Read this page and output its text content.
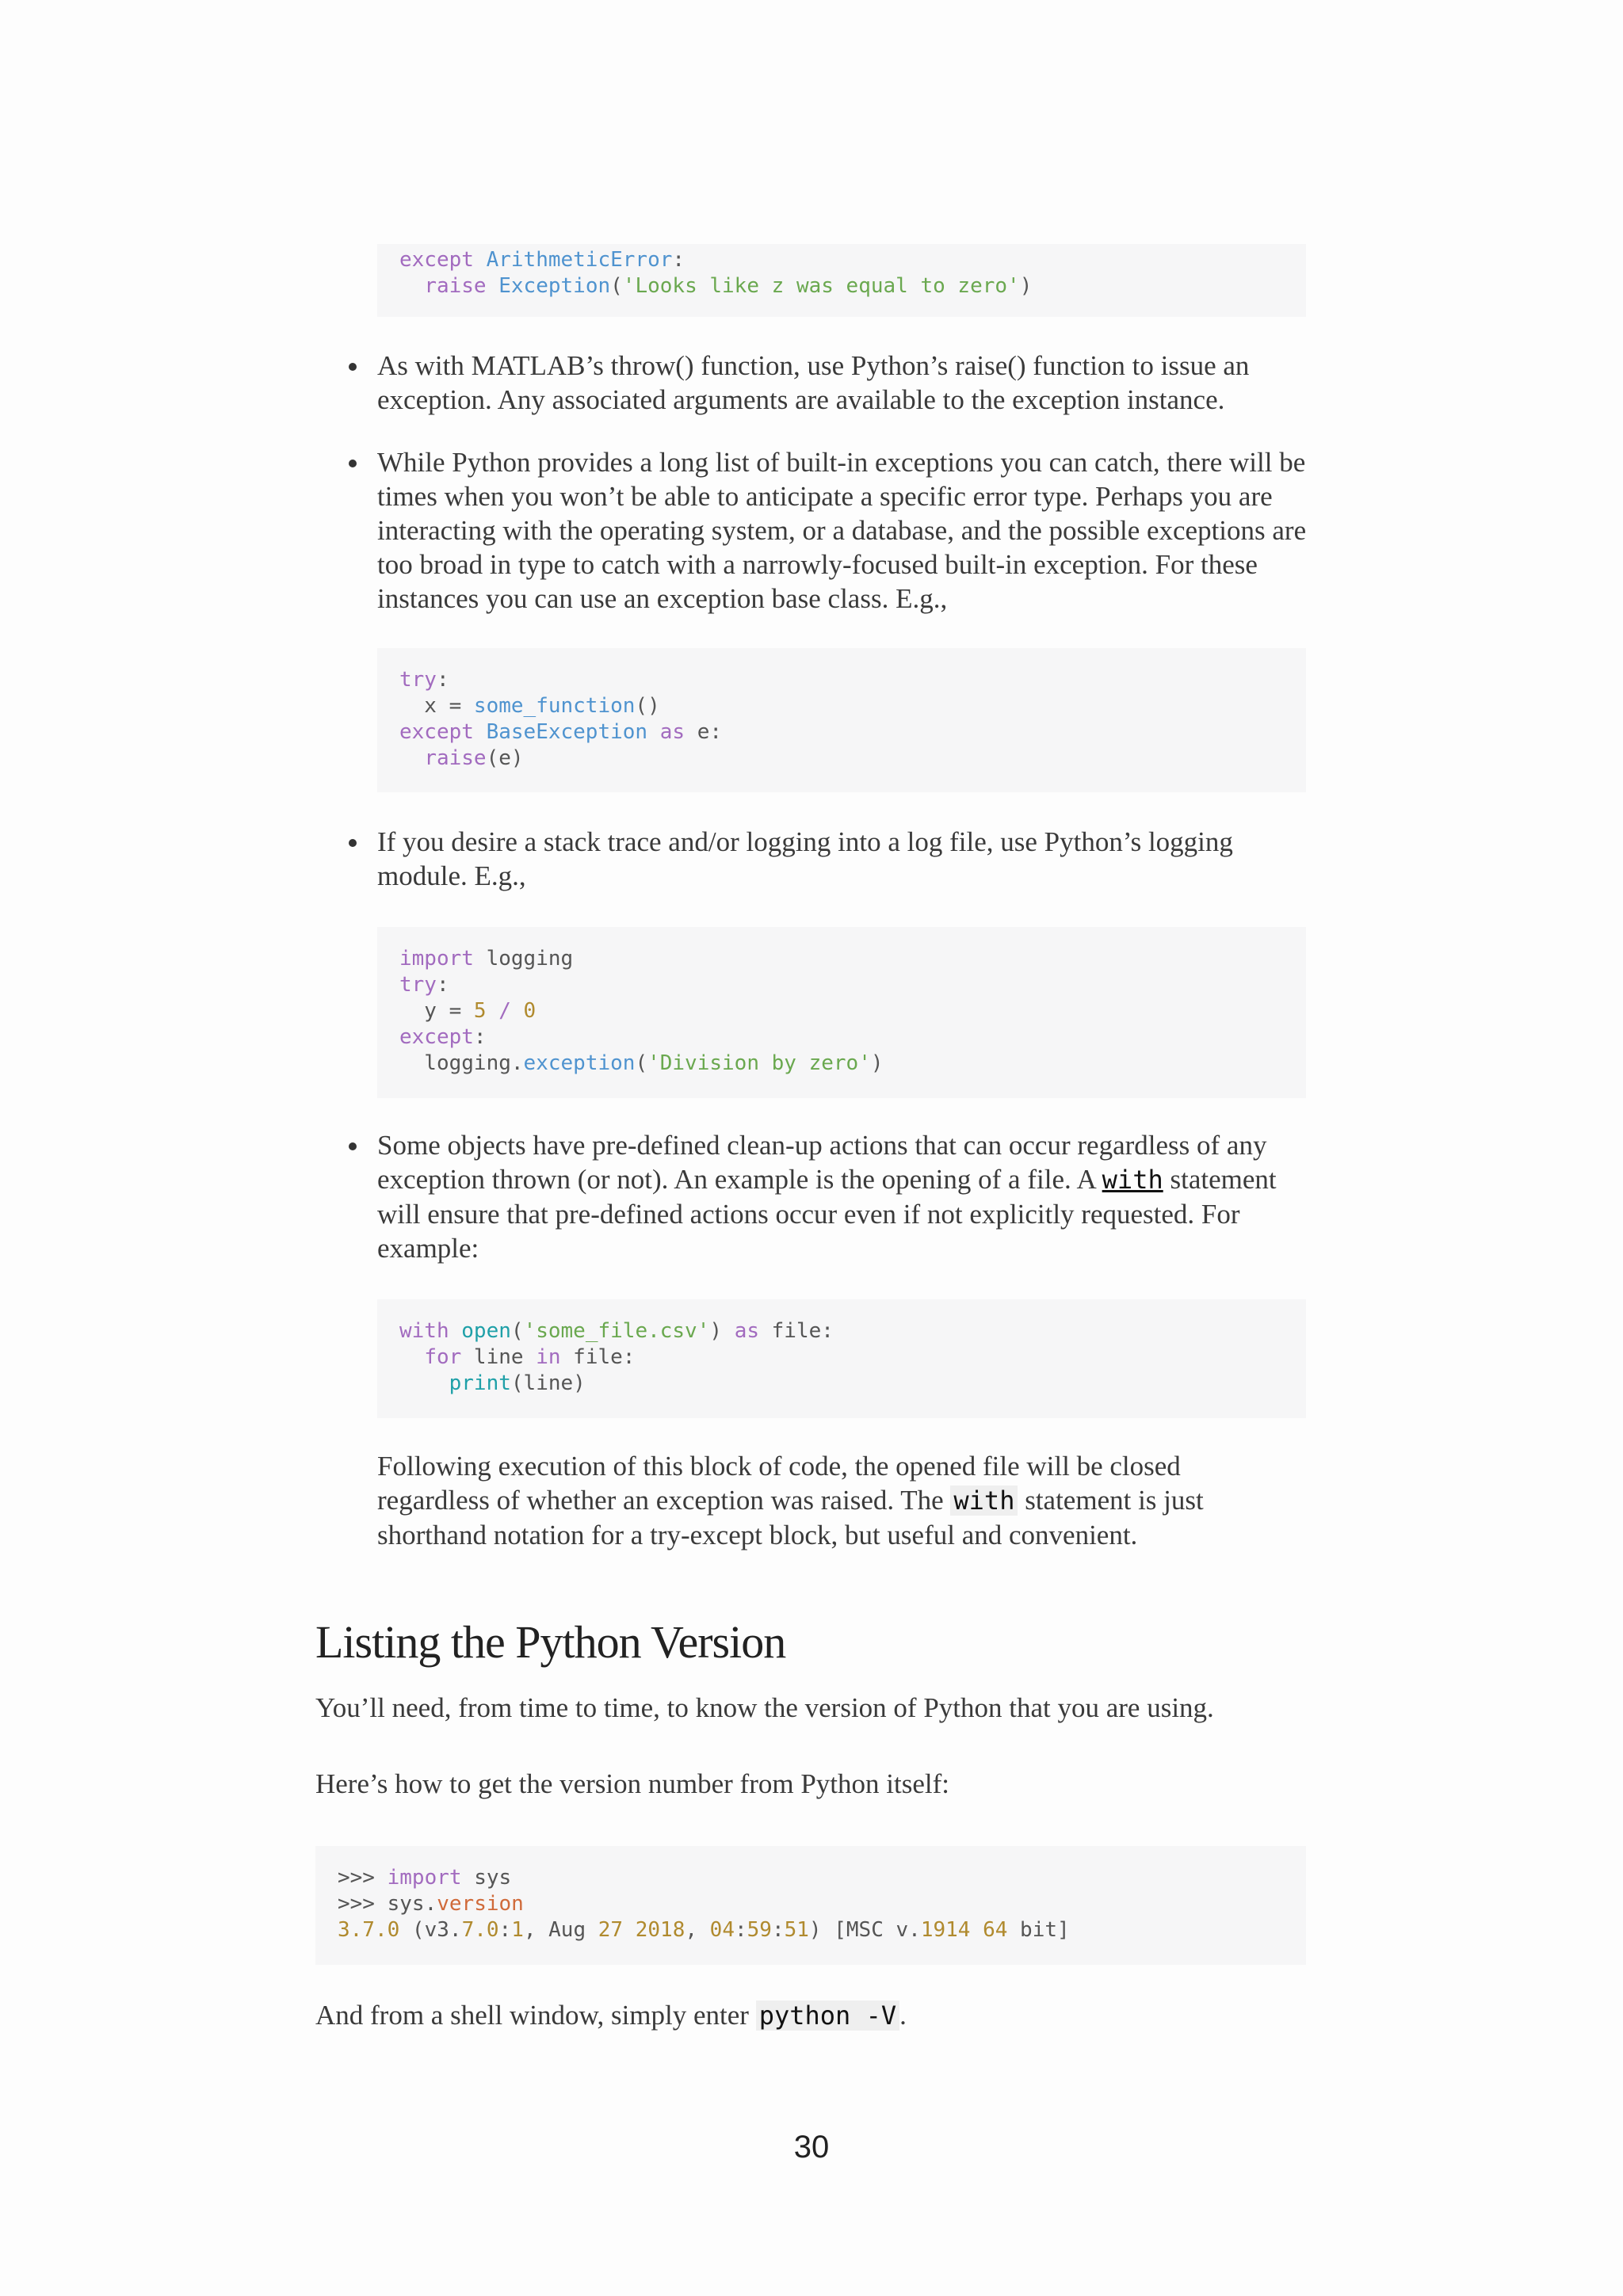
except ArithmeticError:
raise Exception('Looks like z was equal to zero')
As with MATLAB’s throw() function, use Python’s raise() function to issue an exception. Any associated arguments are available to the exception instance.
While Python provides a long list of built-in exceptions you can catch, there will be times when you won’t be able to anticipate a specific error type. Perhaps you are interacting with the operating system, or a database, and the possible exceptions are too broad in type to catch with a narrowly-focused built-in exception. For these instances you can use an exception base class. E.g.,
try:
x = some_function()
except BaseException as e:
raise(e)
If you desire a stack trace and/or logging into a log file, use Python’s logging module. E.g.,
import logging
try:
y = 5 / 0
except:
logging.exception('Division by zero')
Some objects have pre-defined clean-up actions that can occur regardless of any exception thrown (or not). An example is the opening of a file. A with statement will ensure that pre-defined actions occur even if not explicitly requested. For example:
with open('some_file.csv') as file:
for line in file:
print(line)
Following execution of this block of code, the opened file will be closed regardless of whether an exception was raised. The with statement is just shorthand notation for a try-except block, but useful and convenient.
Listing the Python Version
You’ll need, from time to time, to know the version of Python that you are using.
Here’s how to get the version number from Python itself:
>>> import sys
>>> sys.version
3.7.0 (v3.7.0:1, Aug 27 2018, 04:59:51) [MSC v.1914 64 bit]
And from a shell window, simply enter python -V .
30
